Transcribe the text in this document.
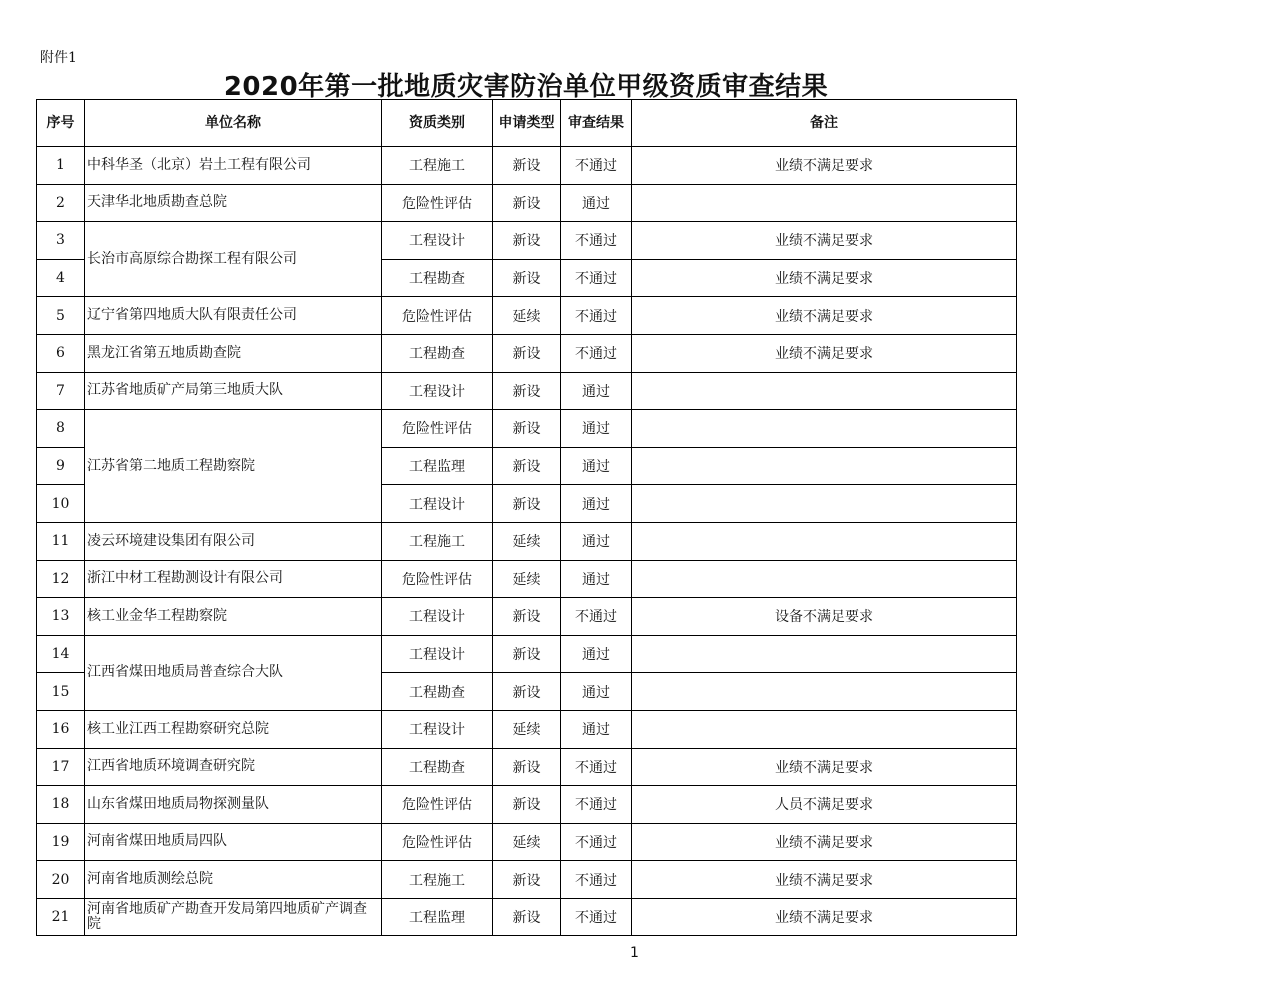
附件1
2020年第一批地质灾害防治单位甲级资质审查结果
序号	单位名称	资质类别	申请类型	审查结果	备注
1	中科华圣（北京）岩土工程有限公司	工程施工	新设	不通过	业绩不满足要求
2	天津华北地质勘查总院	危险性评估	新设	通过	
3	长治市高原综合勘探工程有限公司	工程设计	新设	不通过	业绩不满足要求
4		工程勘查	新设	不通过	业绩不满足要求
5	辽宁省第四地质大队有限责任公司	危险性评估	延续	不通过	业绩不满足要求
6	黑龙江省第五地质勘查院	工程勘查	新设	不通过	业绩不满足要求
7	江苏省地质矿产局第三地质大队	工程设计	新设	通过	
8	江苏省第二地质工程勘察院	危险性评估	新设	通过	
9		工程监理	新设	通过	
10		工程设计	新设	通过	
11	凌云环境建设集团有限公司	工程施工	延续	通过	
12	浙江中材工程勘测设计有限公司	危险性评估	延续	通过	
13	核工业金华工程勘察院	工程设计	新设	不通过	设备不满足要求
14	江西省煤田地质局普查综合大队	工程设计	新设	通过	
15		工程勘查	新设	通过	
16	核工业江西工程勘察研究总院	工程设计	延续	通过	
17	江西省地质环境调查研究院	工程勘查	新设	不通过	业绩不满足要求
18	山东省煤田地质局物探测量队	危险性评估	新设	不通过	人员不满足要求
19	河南省煤田地质局四队	危险性评估	延续	不通过	业绩不满足要求
20	河南省地质测绘总院	工程施工	新设	不通过	业绩不满足要求
21	河南省地质矿产勘查开发局第四地质矿产调查院	工程监理	新设	不通过	业绩不满足要求
1
